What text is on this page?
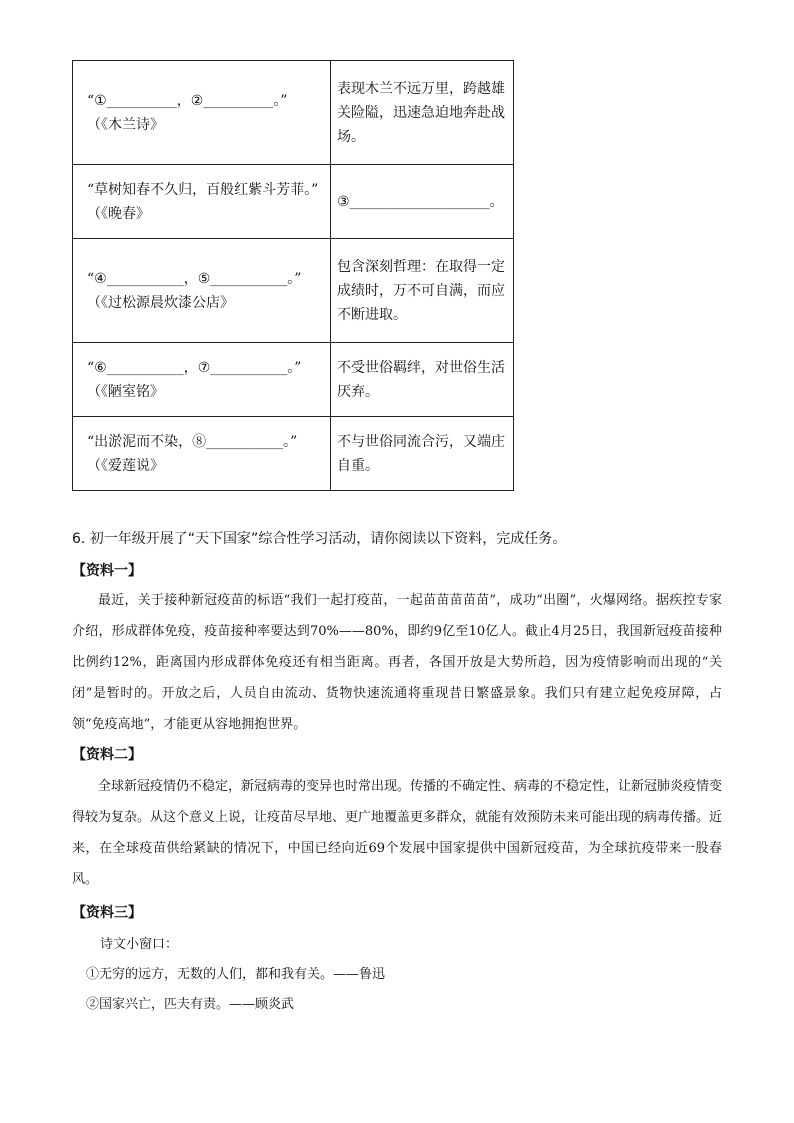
“①__________，②__________。”
（《木兰诗》	表现木兰不远万里，跨越雄关险隘，迅速急迫地奔赴战场。

“草树知春不久归，百般红紫斗芳菲。”
（《晚春》	③____________________。

“④___________，⑤___________。”
（《过松源晨炊漆公店》	包含深刻哲理：在取得一定成绩时，万不可自满，而应不断进取。

“⑥___________，⑦___________。”
（《陋室铭》	不受世俗羁绊，对世俗生活厌弃。

“出淤泥而不染，⑧___________。”
（《爱莲说》	不与世俗同流合污，又端庄自重。
6. 初一年级开展了“天下国家”综合性学习活动，请你阅读以下资料，完成任务。
【资料一】
最近，关于接种新冠疫苗的标语“我们一起打疫苗，一起苗苗苗苗苗”，成功“出圈”，火爆网络。据疾控专家介绍，形成群体免疫，疫苗接种率要达到70%——80%，即约9亿至10亿人。截止4月25日，我国新冠疫苗接种比例约12%，距离国内形成群体免疫还有相当距离。再者，各国开放是大势所趋，因为疫情影响而出现的“关闭”是暂时的。开放之后，人员自由流动、货物快速流通将重现昔日繁盛景象。我们只有建立起免疫屏障，占领“免疫高地”，才能更从容地拥抱世界。
【资料二】
全球新冠疫情仍不稳定，新冠病毒的变异也时常出现。传播的不确定性、病毒的不稳定性，让新冠肺炎疫情变得较为复杂。从这个意义上说，让疫苗尽早地、更广地覆盖更多群众，就能有效预防未来可能出现的病毒传播。近来，在全球疫苗供给紧缺的情况下，中国已经向近69个发展中国家提供中国新冠疫苗，为全球抗疫带来一股春风。
【资料三】
诗文小窗口：
①无穷的远方，无数的人们，都和我有关。——鲁迅
②国家兴亡，匹夫有责。——顾炎武
